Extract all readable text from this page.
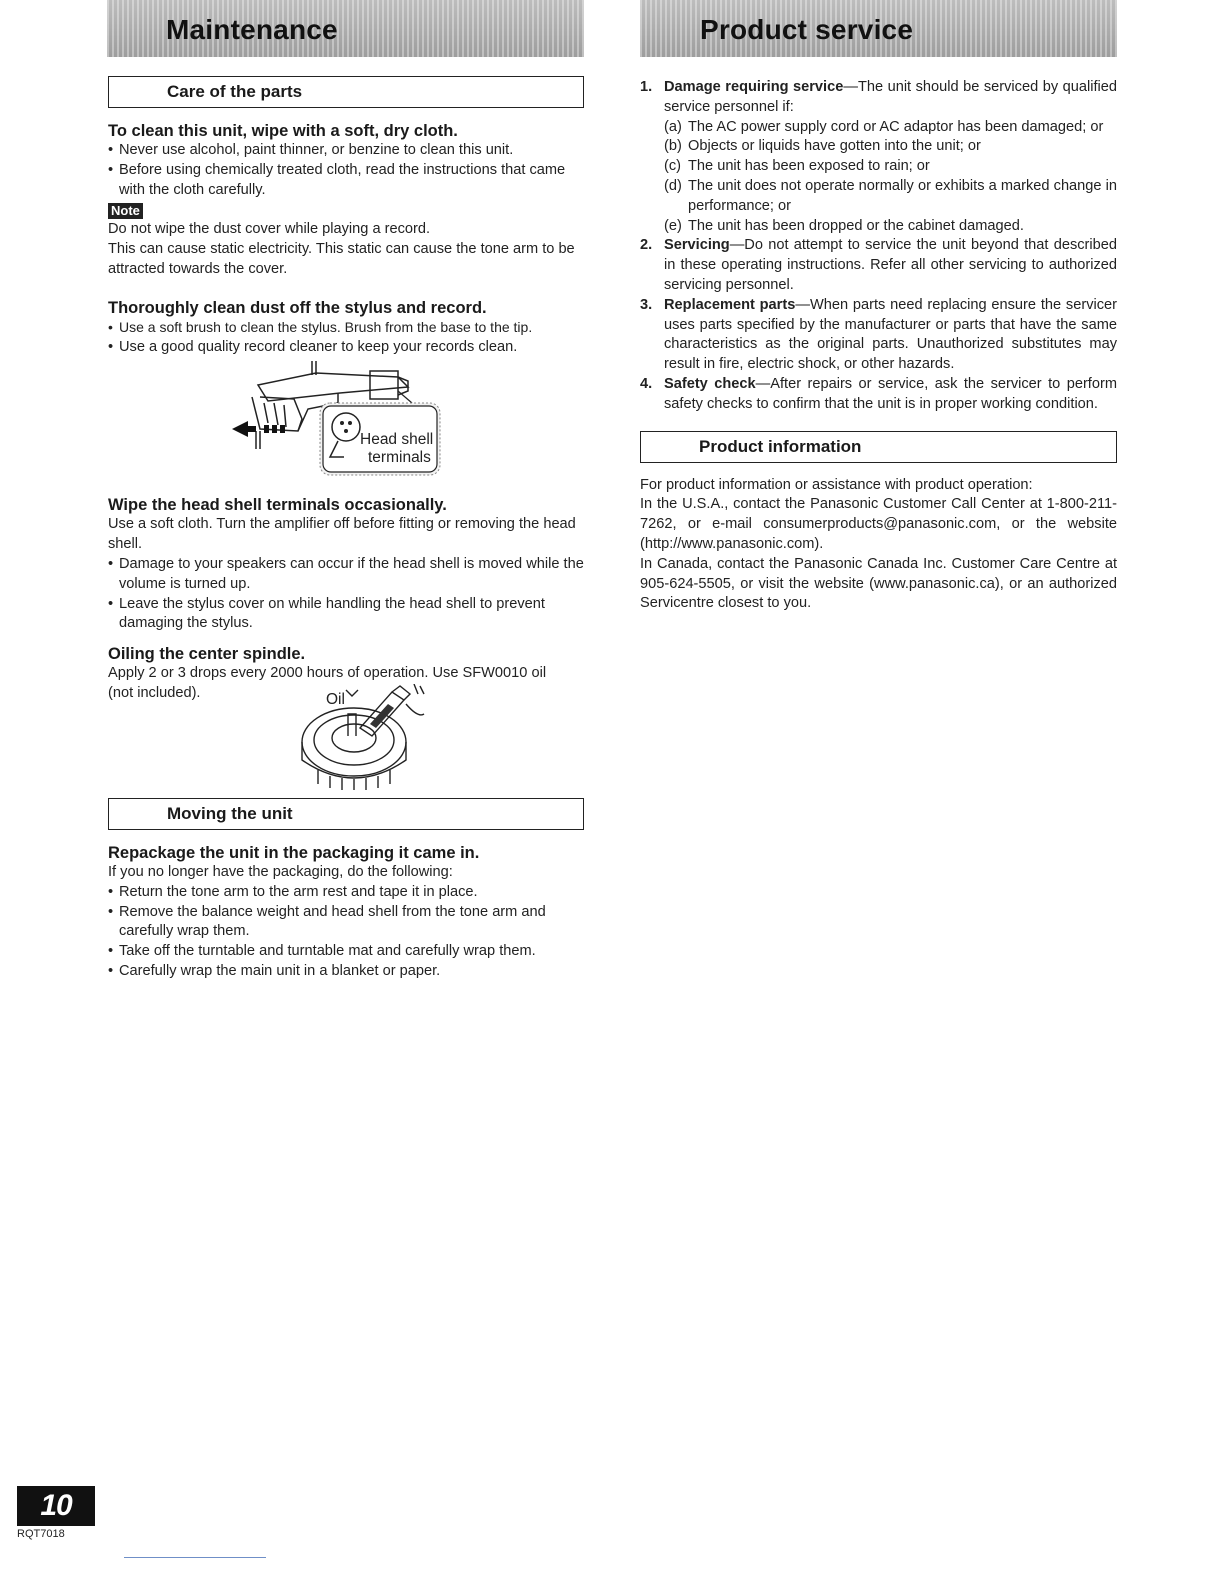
Maintenance	Product service
Care of the parts
To clean this unit, wipe with a soft, dry cloth.
• Never use alcohol, paint thinner, or benzine to clean this unit.
• Before using chemically treated cloth, read the instructions that came with the cloth carefully.
Note
Do not wipe the dust cover while playing a record.
This can cause static electricity. This static can cause the tone arm to be attracted towards the cover.
Thoroughly clean dust off the stylus and record.
• Use a soft brush to clean the stylus. Brush from the base to the tip.
• Use a good quality record cleaner to keep your records clean.
Head shell
terminals
Wipe the head shell terminals occasionally.
Use a soft cloth. Turn the amplifier off before fitting or removing the head shell.
• Damage to your speakers can occur if the head shell is moved while the volume is turned up.
• Leave the stylus cover on while handling the head shell to prevent damaging the stylus.
Oiling the center spindle.
Apply 2 or 3 drops every 2000 hours of operation. Use SFW0010 oil
(not included).	Oil
Moving the unit
Repackage the unit in the packaging it came in.
If you no longer have the packaging, do the following:
• Return the tone arm to the arm rest and tape it in place.
• Remove the balance weight and head shell from the tone arm and carefully wrap them.
• Take off the turntable and turntable mat and carefully wrap them.
• Carefully wrap the main unit in a blanket or paper.
1. Damage requiring service—The unit should be serviced by qualified service personnel if:
(a) The AC power supply cord or AC adaptor has been damaged; or
(b) Objects or liquids have gotten into the unit; or
(c) The unit has been exposed to rain; or
(d) The unit does not operate normally or exhibits a marked change in performance; or
(e) The unit has been dropped or the cabinet damaged.
2. Servicing—Do not attempt to service the unit beyond that described in these operating instructions. Refer all other servicing to authorized servicing personnel.
3. Replacement parts—When parts need replacing ensure the servicer uses parts specified by the manufacturer or parts that have the same characteristics as the original parts. Unauthorized substitutes may result in fire, electric shock, or other hazards.
4. Safety check—After repairs or service, ask the servicer to perform safety checks to confirm that the unit is in proper working condition.
Product information
For product information or assistance with product operation:
In the U.S.A., contact the Panasonic Customer Call Center at 1-800-211-7262, or e-mail consumerproducts@panasonic.com, or the website (http://www.panasonic.com).
In Canada, contact the Panasonic Canada Inc. Customer Care Centre at 905-624-5505, or visit the website (www.panasonic.ca), or an authorized Servicentre closest to you.
10
RQT7018
